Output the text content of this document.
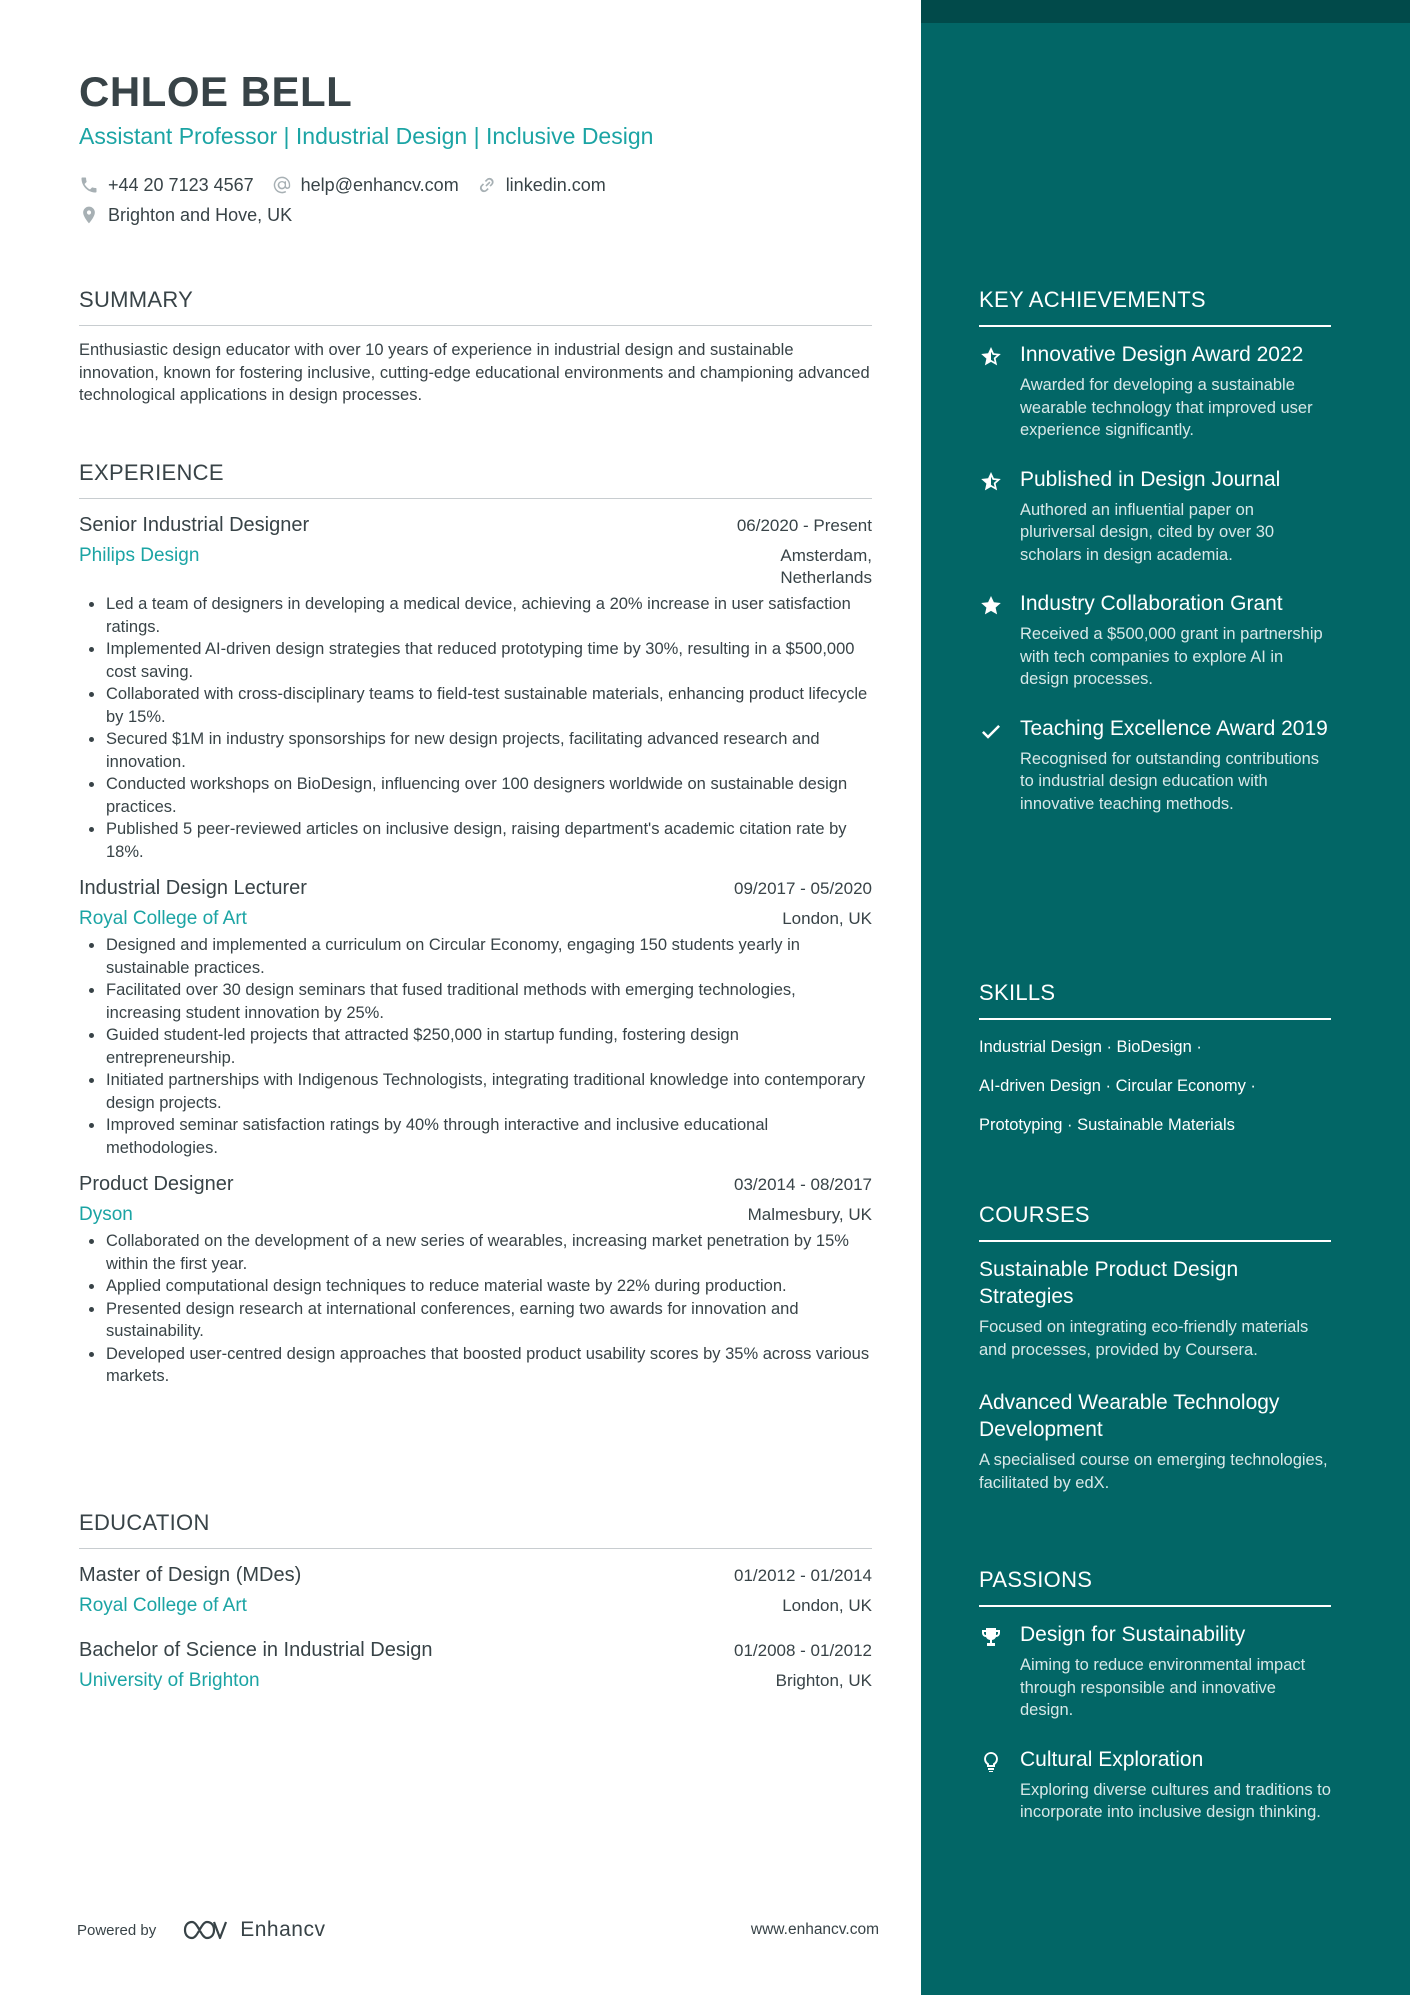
CHLOE BELL
Assistant Professor | Industrial Design | Inclusive Design
+44 20 7123 4567	help@enhancv.com	linkedin.com
Brighton and Hove, UK
SUMMARY
Enthusiastic design educator with over 10 years of experience in industrial design and sustainable innovation, known for fostering inclusive, cutting-edge educational environments and championing advanced technological applications in design processes.
EXPERIENCE
Senior Industrial Designer	06/2020 - Present
Philips Design	Amsterdam,
Netherlands
Led a team of designers in developing a medical device, achieving a 20% increase in user satisfaction ratings.
Implemented AI-driven design strategies that reduced prototyping time by 30%, resulting in a $500,000 cost saving.
Collaborated with cross-disciplinary teams to field-test sustainable materials, enhancing product lifecycle by 15%.
Secured $1M in industry sponsorships for new design projects, facilitating advanced research and innovation.
Conducted workshops on BioDesign, influencing over 100 designers worldwide on sustainable design practices.
Published 5 peer-reviewed articles on inclusive design, raising department's academic citation rate by 18%.
Industrial Design Lecturer	09/2017 - 05/2020
Royal College of Art	London, UK
Designed and implemented a curriculum on Circular Economy, engaging 150 students yearly in sustainable practices.
Facilitated over 30 design seminars that fused traditional methods with emerging technologies, increasing student innovation by 25%.
Guided student-led projects that attracted $250,000 in startup funding, fostering design entrepreneurship.
Initiated partnerships with Indigenous Technologists, integrating traditional knowledge into contemporary design projects.
Improved seminar satisfaction ratings by 40% through interactive and inclusive educational methodologies.
Product Designer	03/2014 - 08/2017
Dyson	Malmesbury, UK
Collaborated on the development of a new series of wearables, increasing market penetration by 15% within the first year.
Applied computational design techniques to reduce material waste by 22% during production.
Presented design research at international conferences, earning two awards for innovation and sustainability.
Developed user-centred design approaches that boosted product usability scores by 35% across various markets.
EDUCATION
Master of Design (MDes)	01/2012 - 01/2014
Royal College of Art	London, UK
Bachelor of Science in Industrial Design	01/2008 - 01/2012
University of Brighton	Brighton, UK
Powered by	Enhancv	www.enhancv.com
KEY ACHIEVEMENTS
Innovative Design Award 2022
Awarded for developing a sustainable wearable technology that improved user experience significantly.
Published in Design Journal
Authored an influential paper on pluriversal design, cited by over 30 scholars in design academia.
Industry Collaboration Grant
Received a $500,000 grant in partnership with tech companies to explore AI in design processes.
Teaching Excellence Award 2019
Recognised for outstanding contributions to industrial design education with innovative teaching methods.
SKILLS
Industrial Design · BioDesign ·
AI-driven Design · Circular Economy ·
Prototyping · Sustainable Materials
COURSES
Sustainable Product Design Strategies
Focused on integrating eco-friendly materials and processes, provided by Coursera.
Advanced Wearable Technology Development
A specialised course on emerging technologies, facilitated by edX.
PASSIONS
Design for Sustainability
Aiming to reduce environmental impact through responsible and innovative design.
Cultural Exploration
Exploring diverse cultures and traditions to incorporate into inclusive design thinking.
